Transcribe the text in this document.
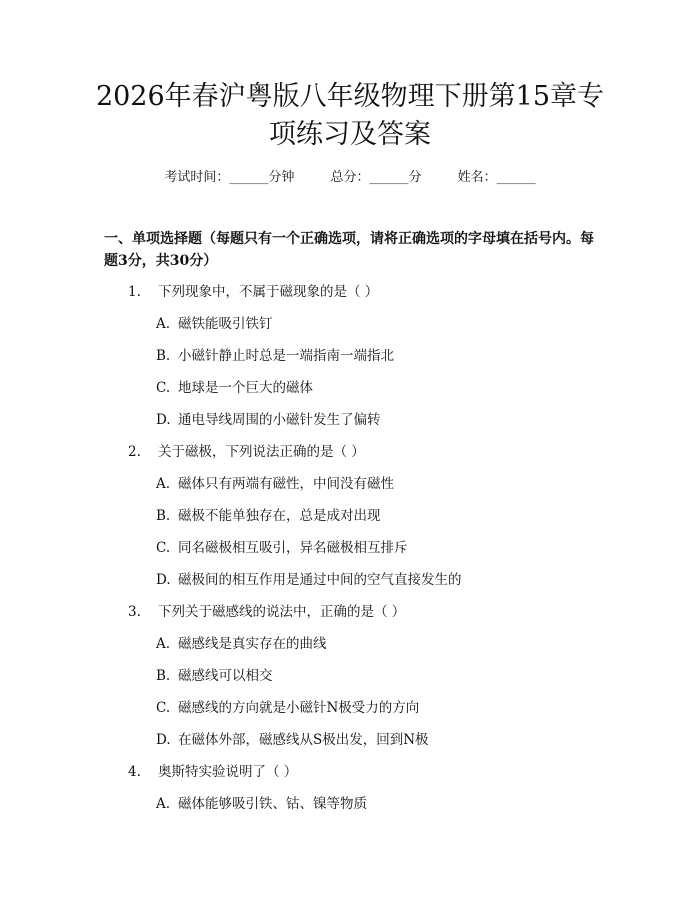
2026年春沪粤版八年级物理下册第15章专项练习及答案
考试时间：______分钟	总分：______分	姓名：______
一、单项选择题（每题只有一个正确选项，请将正确选项的字母填在括号内。每题3分，共30分）
1.	下列现象中，不属于磁现象的是（ ）
A. 磁铁能吸引铁钉
B. 小磁针静止时总是一端指南一端指北
C. 地球是一个巨大的磁体
D. 通电导线周围的小磁针发生了偏转
2.	关于磁极，下列说法正确的是（ ）
A. 磁体只有两端有磁性，中间没有磁性
B. 磁极不能单独存在，总是成对出现
C. 同名磁极相互吸引，异名磁极相互排斥
D. 磁极间的相互作用是通过中间的空气直接发生的
3.	下列关于磁感线的说法中，正确的是（ ）
A. 磁感线是真实存在的曲线
B. 磁感线可以相交
C. 磁感线的方向就是小磁针N极受力的方向
D. 在磁体外部，磁感线从S极出发，回到N极
4.	奥斯特实验说明了（ ）
A. 磁体能够吸引铁、钴、镍等物质
